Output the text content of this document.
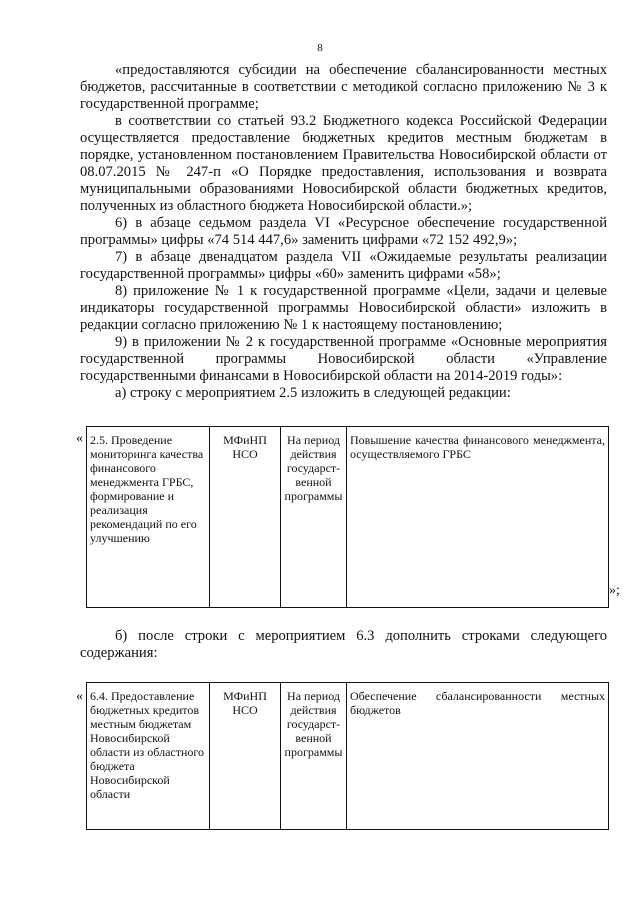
8

«предоставляются субсидии на обеспечение сбалансированности местных бюджетов, рассчитанные в соответствии с методикой согласно приложению № 3 к государственной программе;

в соответствии со статьей 93.2 Бюджетного кодекса Российской Федерации осуществляется предоставление бюджетных кредитов местным бюджетам в порядке, установленном постановлением Правительства Новосибирской области от 08.07.2015 № 247-п «О Порядке предоставления, использования и возврата муниципальными образованиями Новосибирской области бюджетных кредитов, полученных из областного бюджета Новосибирской области.»;

6) в абзаце седьмом раздела VI «Ресурсное обеспечение государственной программы» цифры «74 514 447,6» заменить цифрами «72 152 492,9»;

7) в абзаце двенадцатом раздела VII «Ожидаемые результаты реализации государственной программы» цифры «60» заменить цифрами «58»;

8) приложение № 1 к государственной программе «Цели, задачи и целевые индикаторы государственной программы Новосибирской области» изложить в редакции согласно приложению № 1 к настоящему постановлению;

9) в приложении № 2 к государственной программе «Основные мероприятия государственной программы Новосибирской области «Управление государственными финансами в Новосибирской области на 2014-2019 годы»:

а) строку с мероприятием 2.5 изложить в следующей редакции:

« 2.5. Проведение мониторинга качества финансового менеджмента ГРБС, формирование и реализация рекомендаций по его улучшению	МФиНП НСО	На период действия государст-венной программы	Повышение качества финансового менеджмента, осуществляемого ГРБС
»;

б) после строки с мероприятием 6.3 дополнить строками следующего содержания:

« 6.4. Предоставление бюджетных кредитов местным бюджетам Новосибирской области из областного бюджета Новосибирской области	МФиНП НСО	На период действия государст-венной программы	Обеспечение сбалансированности местных бюджетов
